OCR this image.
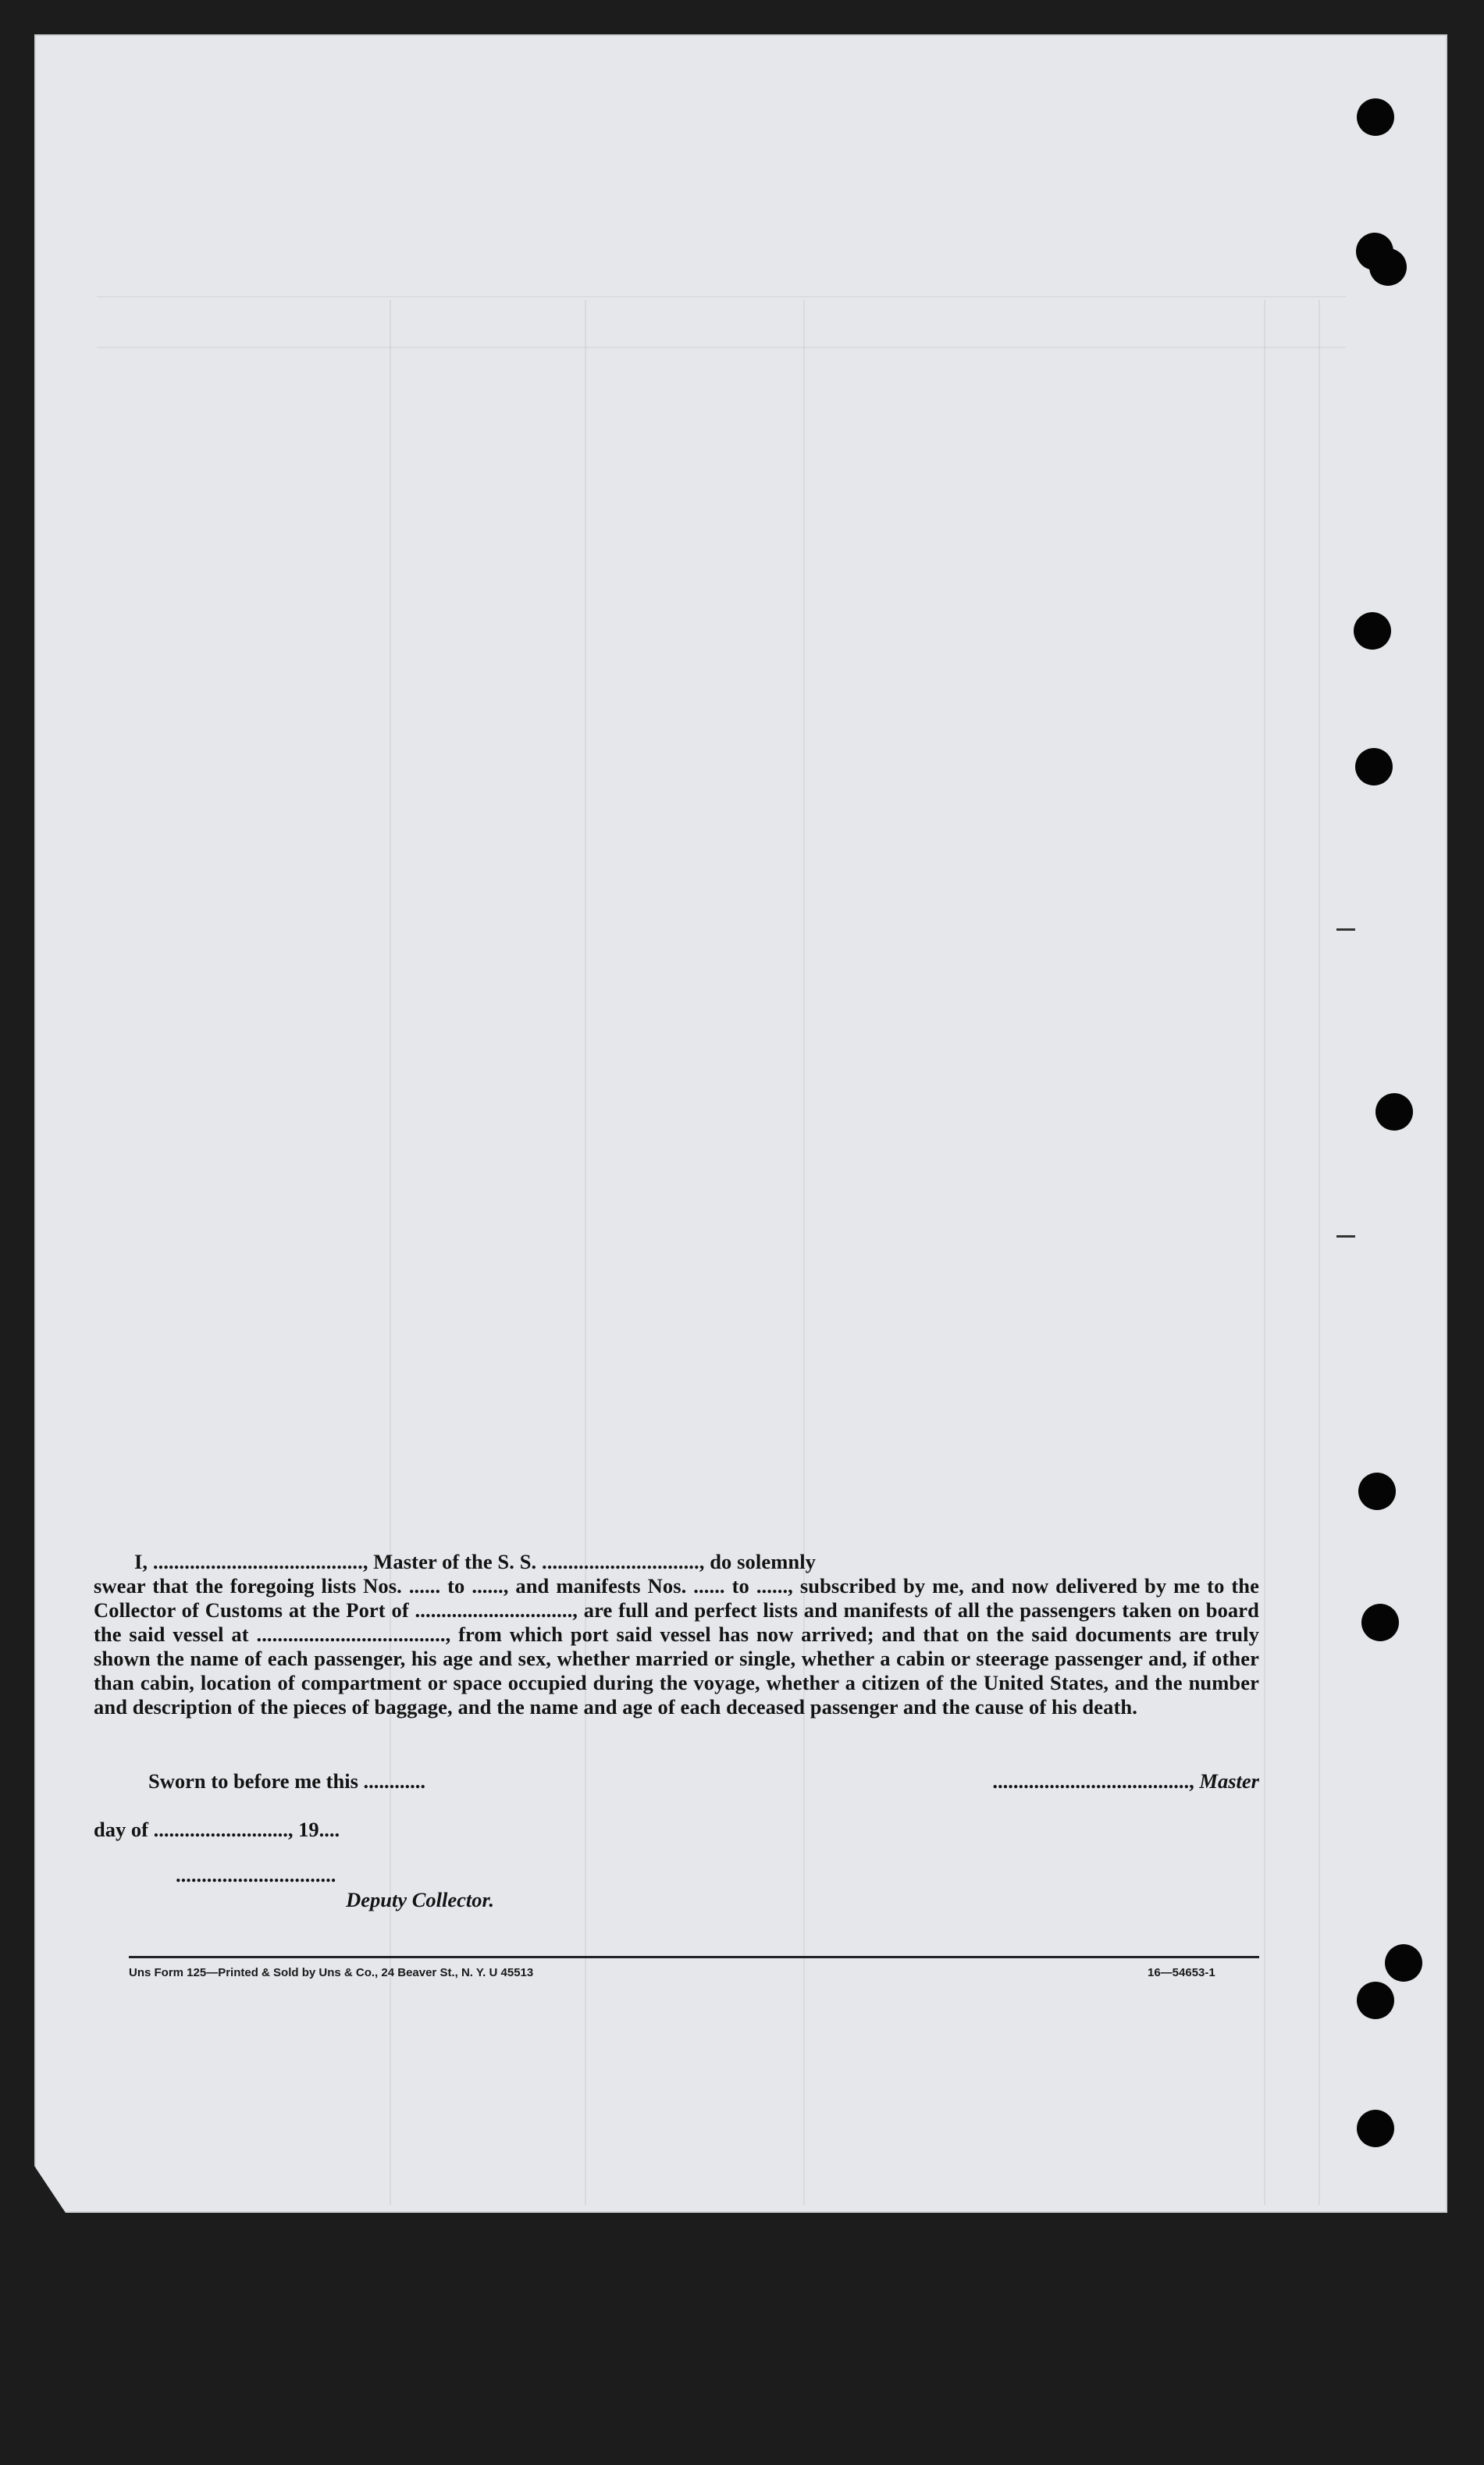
I, ........................................, Master of the S. S. .............................., do solemnly
swear that the foregoing lists Nos. ...... to ......, and manifests Nos. ...... to ......, subscribed by me, and now delivered by me to the Collector of Customs at the Port of .............................., are full and perfect lists and manifests of all the passengers taken on board the said vessel at ...................................., from which port said vessel has now arrived; and that on the said documents are truly shown the name of each passenger, his age and sex, whether married or single, whether a cabin or steerage passenger and, if other than cabin, location of compartment or space occupied during the voyage, whether a citizen of the United States, and the number and description of the pieces of baggage, and the name and age of each deceased passenger and the cause of his death.
Sworn to before me this ............	......................................, Master
day of .........................., 19....
...............................
Deputy Collector.
Uns Form 125—Printed & Sold by Uns & Co., 24 Beaver St., N. Y. U 45513	16—54653-1
